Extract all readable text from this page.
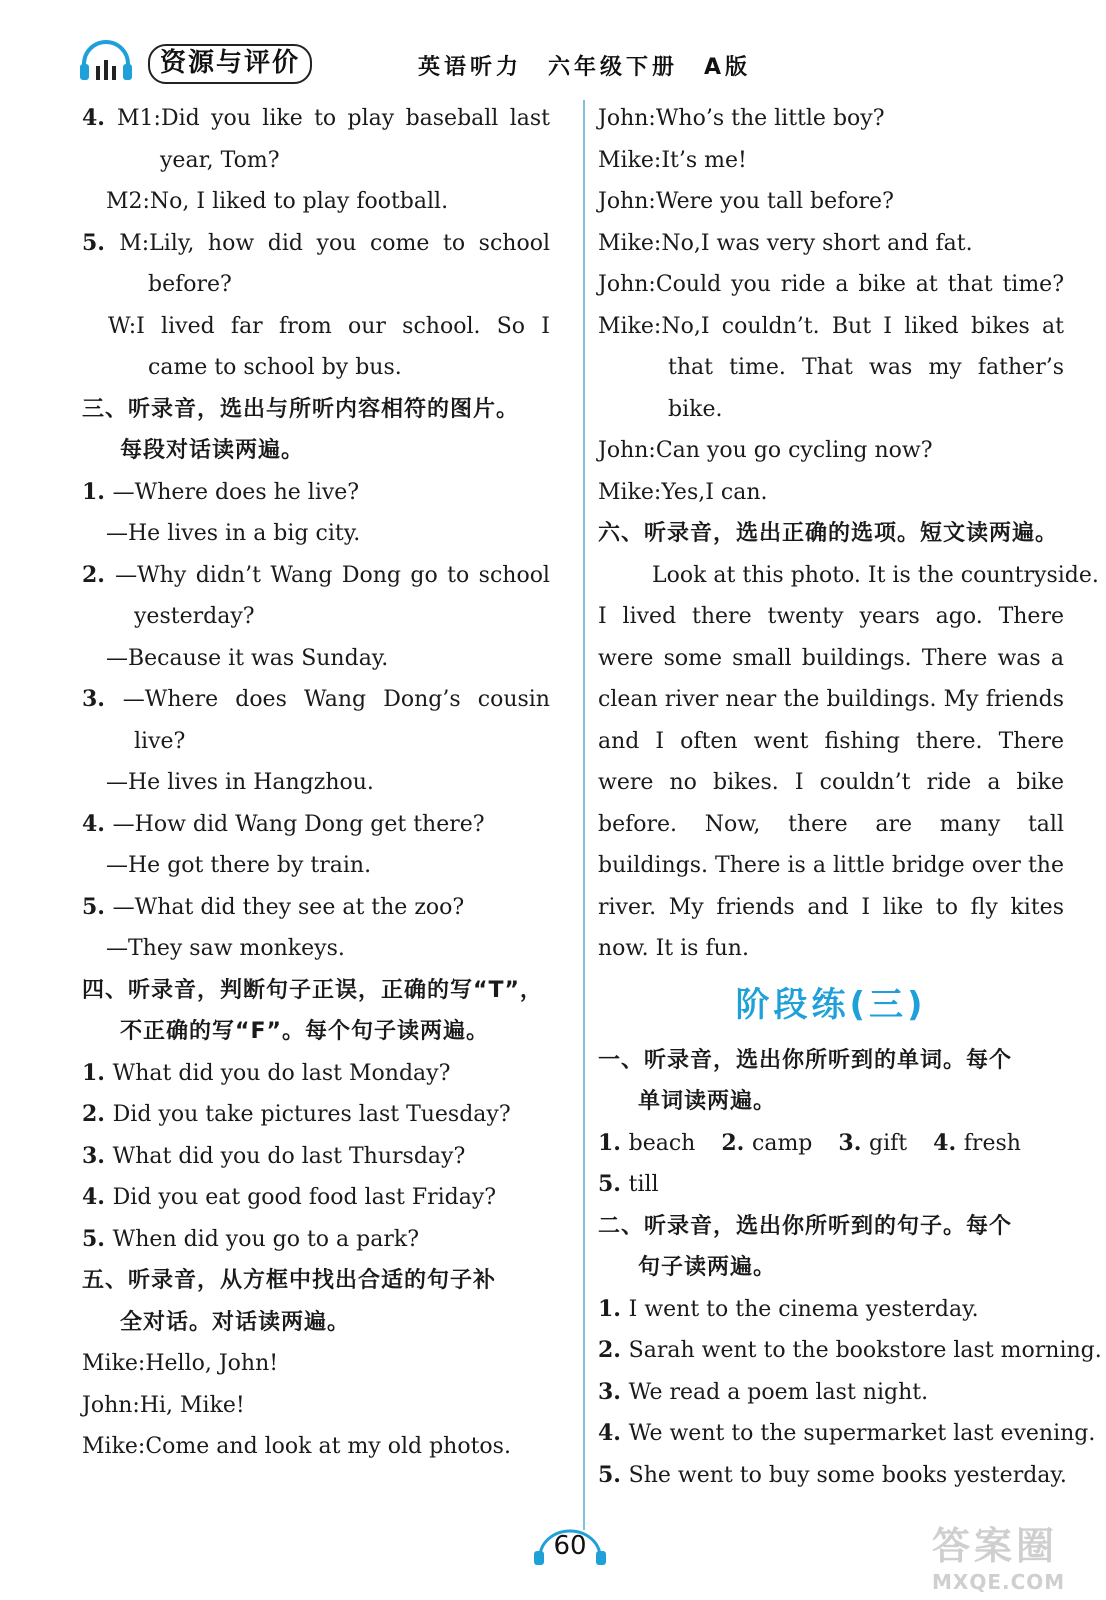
资源与评价	英语听力　六年级下册　A版
4. M1:Did you like to play baseball last
year, Tom?
M2:No, I liked to play football.
5. M:Lily, how did you come to school
before?
W:I lived far from our school. So I
came to school by bus.
三、听录音，选出与所听内容相符的图片。
每段对话读两遍。
1. —Where does he live?
—He lives in a big city.
2. —Why didn’t Wang Dong go to school
yesterday?
—Because it was Sunday.
3. —Where does Wang Dong’s cousin
live?
—He lives in Hangzhou.
4. —How did Wang Dong get there?
—He got there by train.
5. —What did they see at the zoo?
—They saw monkeys.
四、听录音，判断句子正误，正确的写“T”，
不正确的写“F”。每个句子读两遍。
1. What did you do last Monday?
2. Did you take pictures last Tuesday?
3. What did you do last Thursday?
4. Did you eat good food last Friday?
5. When did you go to a park?
五、听录音，从方框中找出合适的句子补
全对话。对话读两遍。
Mike:Hello, John!
John:Hi, Mike!
Mike:Come and look at my old photos.
John:Who’s the little boy?
Mike:It’s me!
John:Were you tall before?
Mike:No,I was very short and fat.
John:Could you ride a bike at that time?
Mike:No,I couldn’t. But I liked bikes at
that time. That was my father’s
bike.
John:Can you go cycling now?
Mike:Yes,I can.
六、听录音，选出正确的选项。短文读两遍。
Look at this photo. It is the countryside.
I lived there twenty years ago. There
were some small buildings. There was a
clean river near the buildings. My friends
and I often went fishing there. There
were no bikes. I couldn’t ride a bike
before. Now, there are many tall
buildings. There is a little bridge over the
river. My friends and I like to fly kites
now. It is fun.
阶段练(三)
一、听录音，选出你所听到的单词。每个
单词读两遍。
1. beach 2. camp 3. gift 4. fresh
5. till
二、听录音，选出你所听到的句子。每个
句子读两遍。
1. I went to the cinema yesterday.
2. Sarah went to the bookstore last morning.
3. We read a poem last night.
4. We went to the supermarket last evening.
5. She went to buy some books yesterday.
60	答案圈
MXQE.COM
